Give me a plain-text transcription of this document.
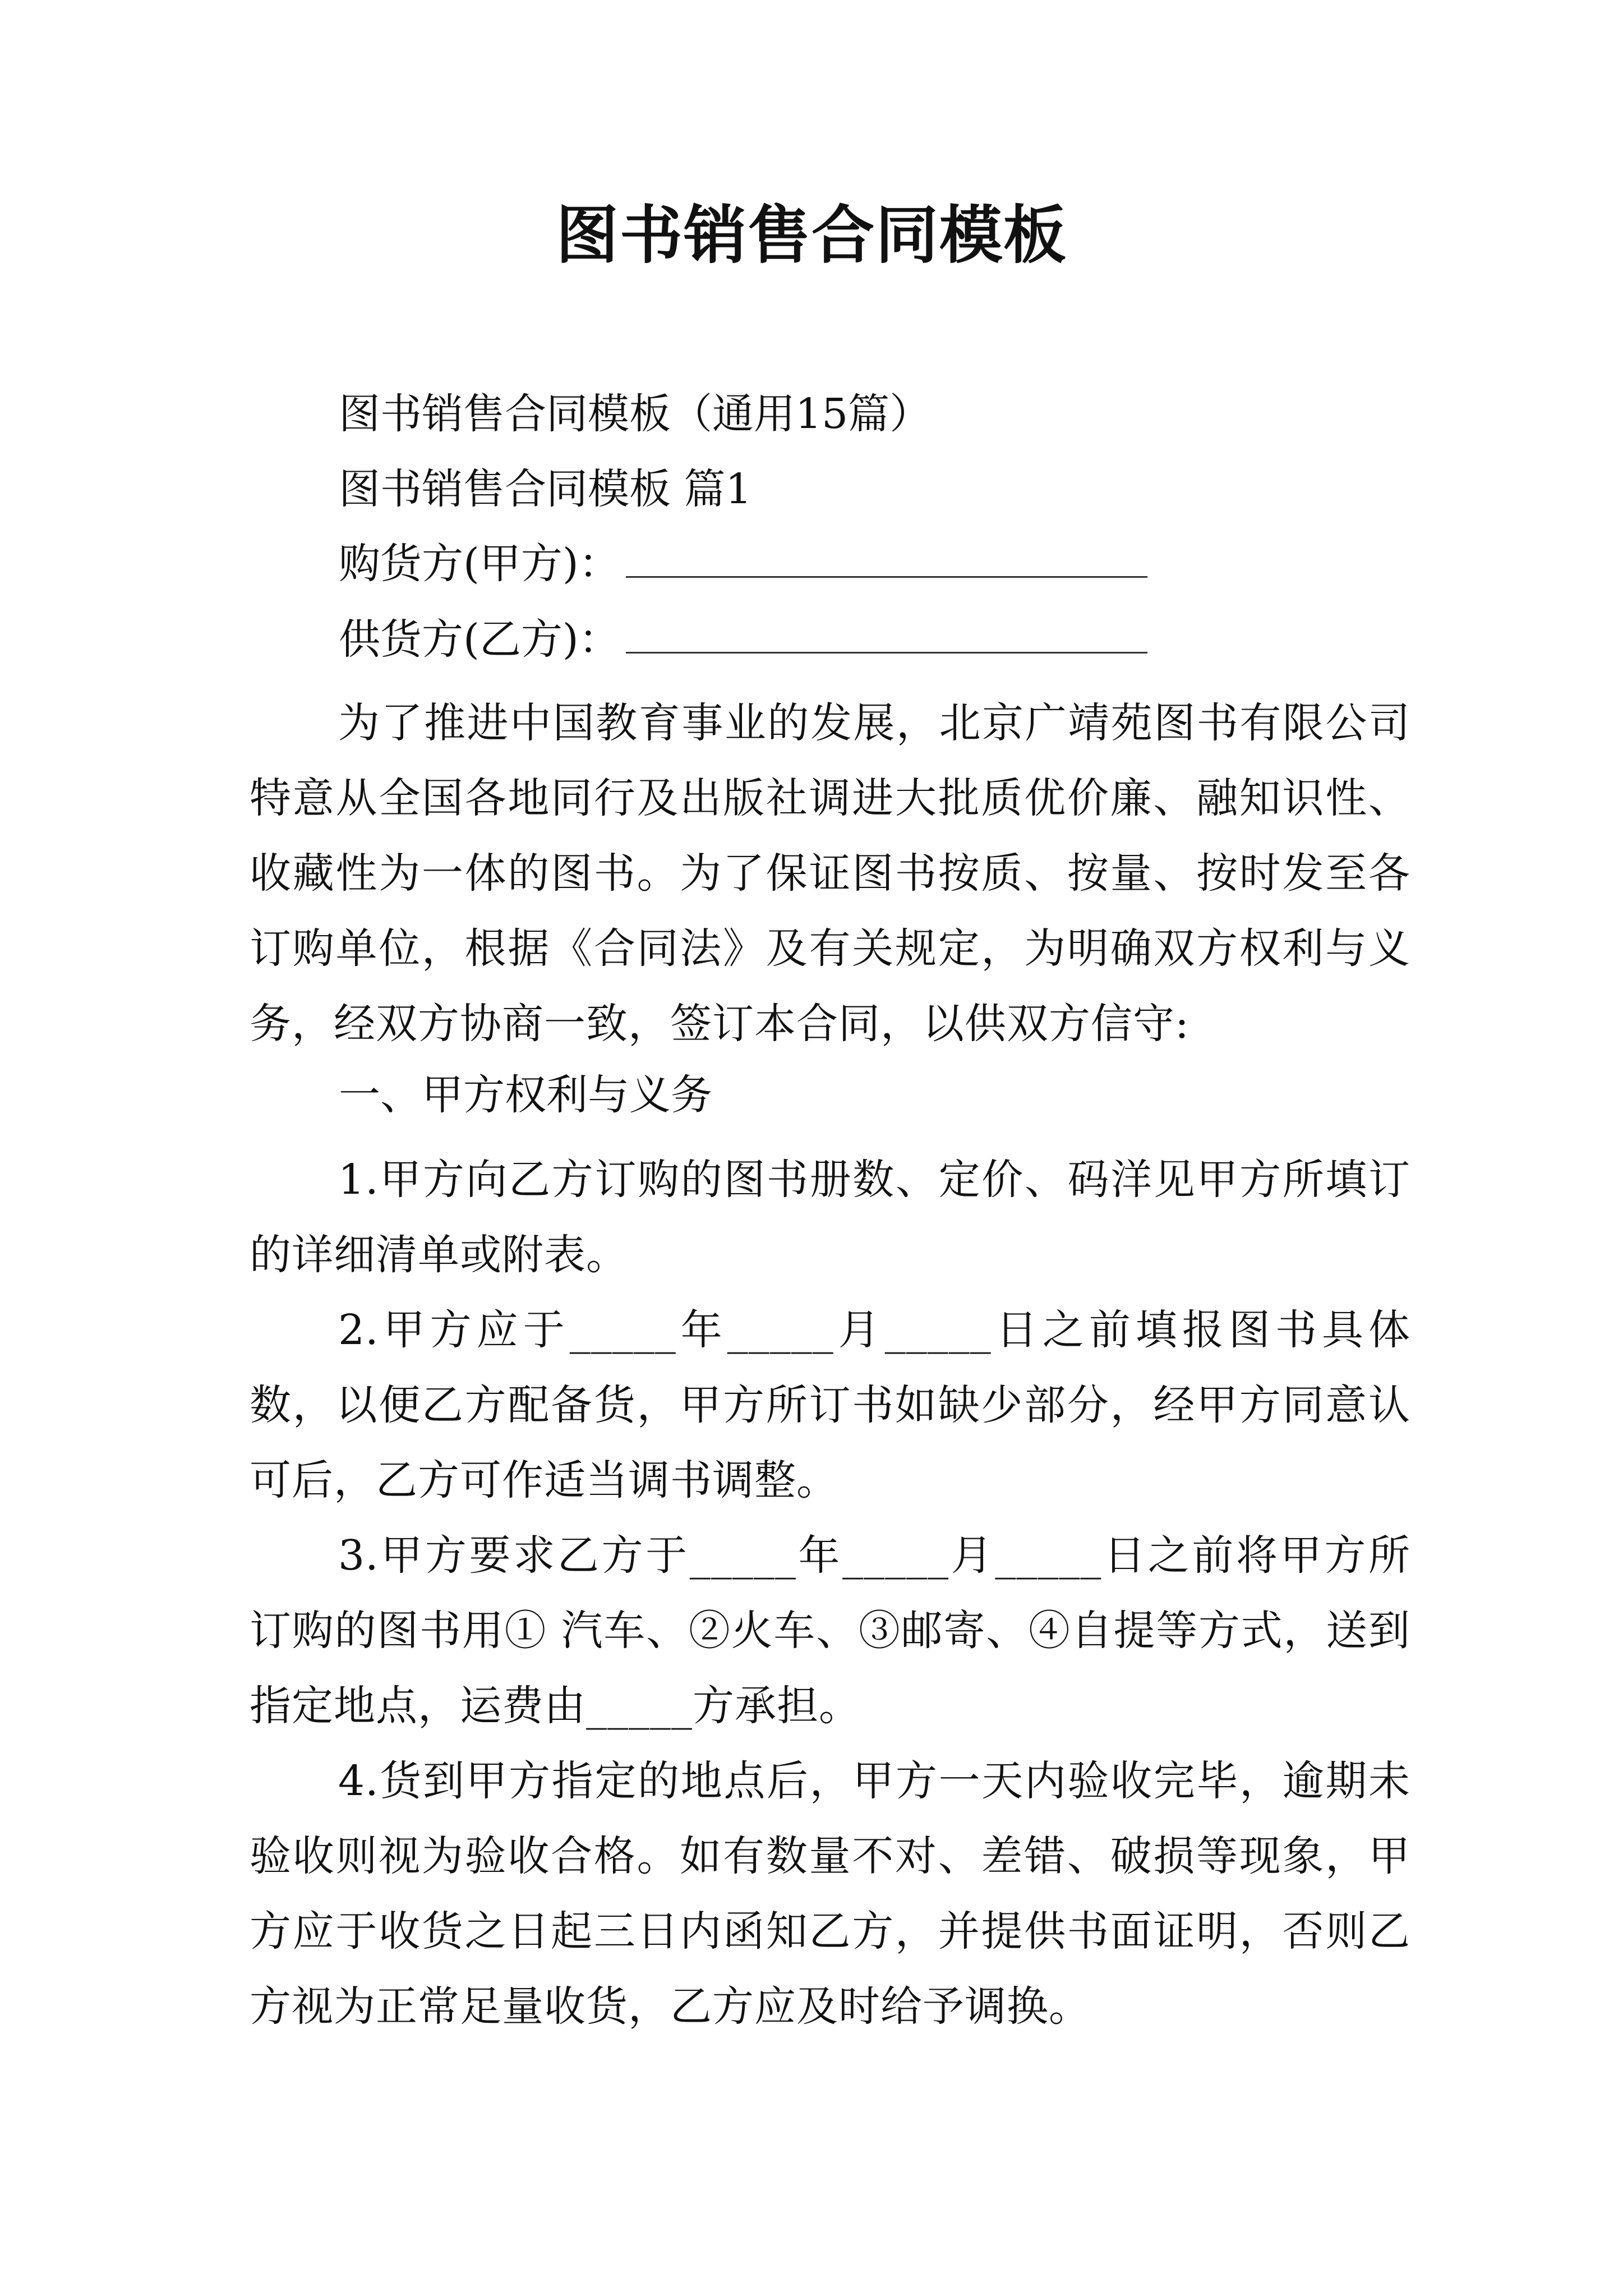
图书销售合同模板
图书销售合同模板（通用15篇）
图书销售合同模板 篇1
购货方(甲方)：
供货方(乙方)：
为了推进中国教育事业的发展，北京广靖苑图书有限公司特意从全国各地同行及出版社调进大批质优价廉、融知识性、收藏性为一体的图书。为了保证图书按质、按量、按时发至各订购单位，根据《合同法》及有关规定，为明确双方权利与义务，经双方协商一致，签订本合同，以供双方信守:
一、甲方权利与义务
1.甲方向乙方订购的图书册数、定价、码洋见甲方所填订的详细清单或附表。
2.甲方应于_____年_____月_____日之前填报图书具体数，以便乙方配备货，甲方所订书如缺少部分，经甲方同意认可后，乙方可作适当调书调整。
3.甲方要求乙方于_____年_____月_____日之前将甲方所订购的图书用① 汽车、②火车、③邮寄、④自提等方式，送到指定地点，运费由_____方承担。
4.货到甲方指定的地点后，甲方一天内验收完毕，逾期未验收则视为验收合格。如有数量不对、差错、破损等现象，甲方应于收货之日起三日内函知乙方，并提供书面证明，否则乙方视为正常足量收货，乙方应及时给予调换。
